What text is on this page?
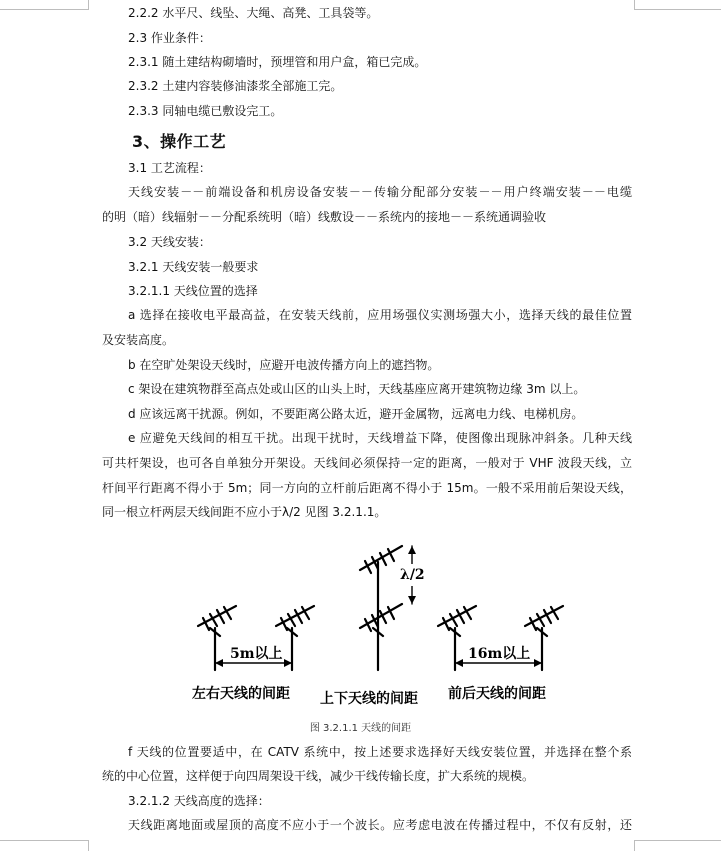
2.2.2 水平尺、线坠、大绳、高凳、工具袋等。
2.3 作业条件：
2.3.1 随土建结构砌墙时，预埋管和用户盒，箱已完成。
2.3.2 土建内容装修油漆浆全部施工完。
2.3.3 同轴电缆已敷设完工。
3、操作工艺
3.1 工艺流程：
天线安装－－前端设备和机房设备安装－－传输分配部分安装－－用户终端安装－－电缆
的明（暗）线辐射－－分配系统明（暗）线敷设－－系统内的接地－－系统通调验收
3.2 天线安装：
3.2.1 天线安装一般要求
3.2.1.1 天线位置的选择
a 选择在接收电平最高益，在安装天线前，应用场强仪实测场强大小，选择天线的最佳位置
及安装高度。
b 在空旷处架设天线时，应避开电波传播方向上的遮挡物。
c 架设在建筑物群至高点处或山区的山头上时，天线基座应离开建筑物边缘 3m 以上。
d 应该远离干扰源。例如，不要距离公路太近，避开金属物，远离电力线、电梯机房。
e 应避免天线间的相互干扰。出现干扰时，天线增益下降，使图像出现脉冲斜条。几种天线
可共杆架设，也可各自单独分开架设。天线间必须保持一定的距离，一般对于 VHF 波段天线，立
杆间平行距离不得小于 5m；同一方向的立杆前后距离不得小于 15m。一般不采用前后架设天线，
同一根立杆两层天线间距不应小于λ/2 见图 3.2.1.1。
5m以上
λ/2
16m以上
左右天线的间距 上下天线的间距 前后天线的间距
图 3.2.1.1 天线的间距
f 天线的位置要适中，在 CATV 系统中，按上述要求选择好天线安装位置，并选择在整个系
统的中心位置，这样便于向四周架设干线，减少干线传输长度，扩大系统的规模。
3.2.1.2 天线高度的选择：
天线距离地面或屋顶的高度不应小于一个波长。应考虑电波在传播过程中，不仅有反射，还
